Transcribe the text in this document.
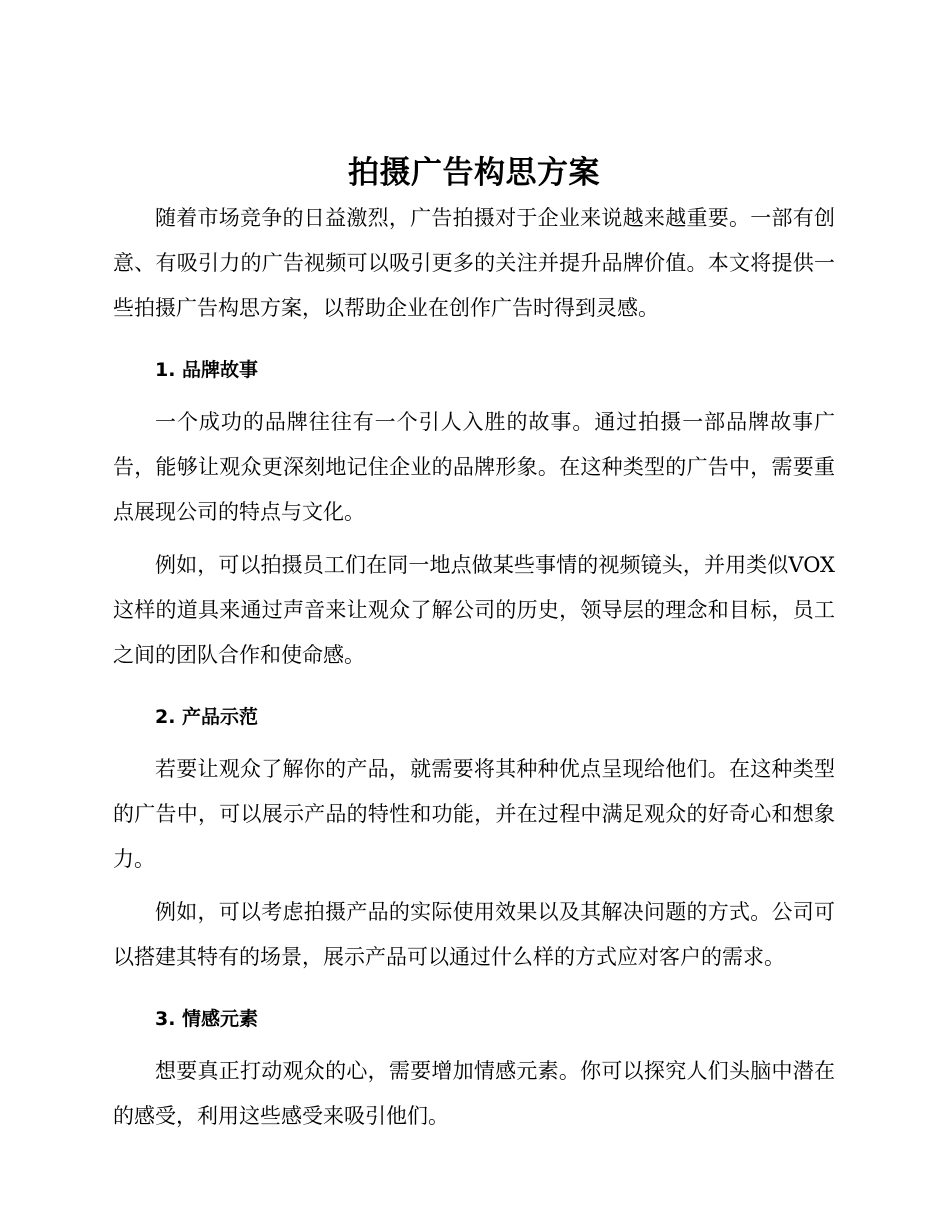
拍摄广告构思方案

随着市场竞争的日益激烈，广告拍摄对于企业来说越来越重要。一部有创意、有吸引力的广告视频可以吸引更多的关注并提升品牌价值。本文将提供一些拍摄广告构思方案，以帮助企业在创作广告时得到灵感。

1. 品牌故事

一个成功的品牌往往有一个引人入胜的故事。通过拍摄一部品牌故事广告，能够让观众更深刻地记住企业的品牌形象。在这种类型的广告中，需要重点展现公司的特点与文化。

例如，可以拍摄员工们在同一地点做某些事情的视频镜头，并用类似VOX这样的道具来通过声音来让观众了解公司的历史，领导层的理念和目标，员工之间的团队合作和使命感。

2. 产品示范

若要让观众了解你的产品，就需要将其种种优点呈现给他们。在这种类型的广告中，可以展示产品的特性和功能，并在过程中满足观众的好奇心和想象力。

例如，可以考虑拍摄产品的实际使用效果以及其解决问题的方式。公司可以搭建其特有的场景，展示产品可以通过什么样的方式应对客户的需求。

3. 情感元素

想要真正打动观众的心，需要增加情感元素。你可以探究人们头脑中潜在的感受，利用这些感受来吸引他们。
